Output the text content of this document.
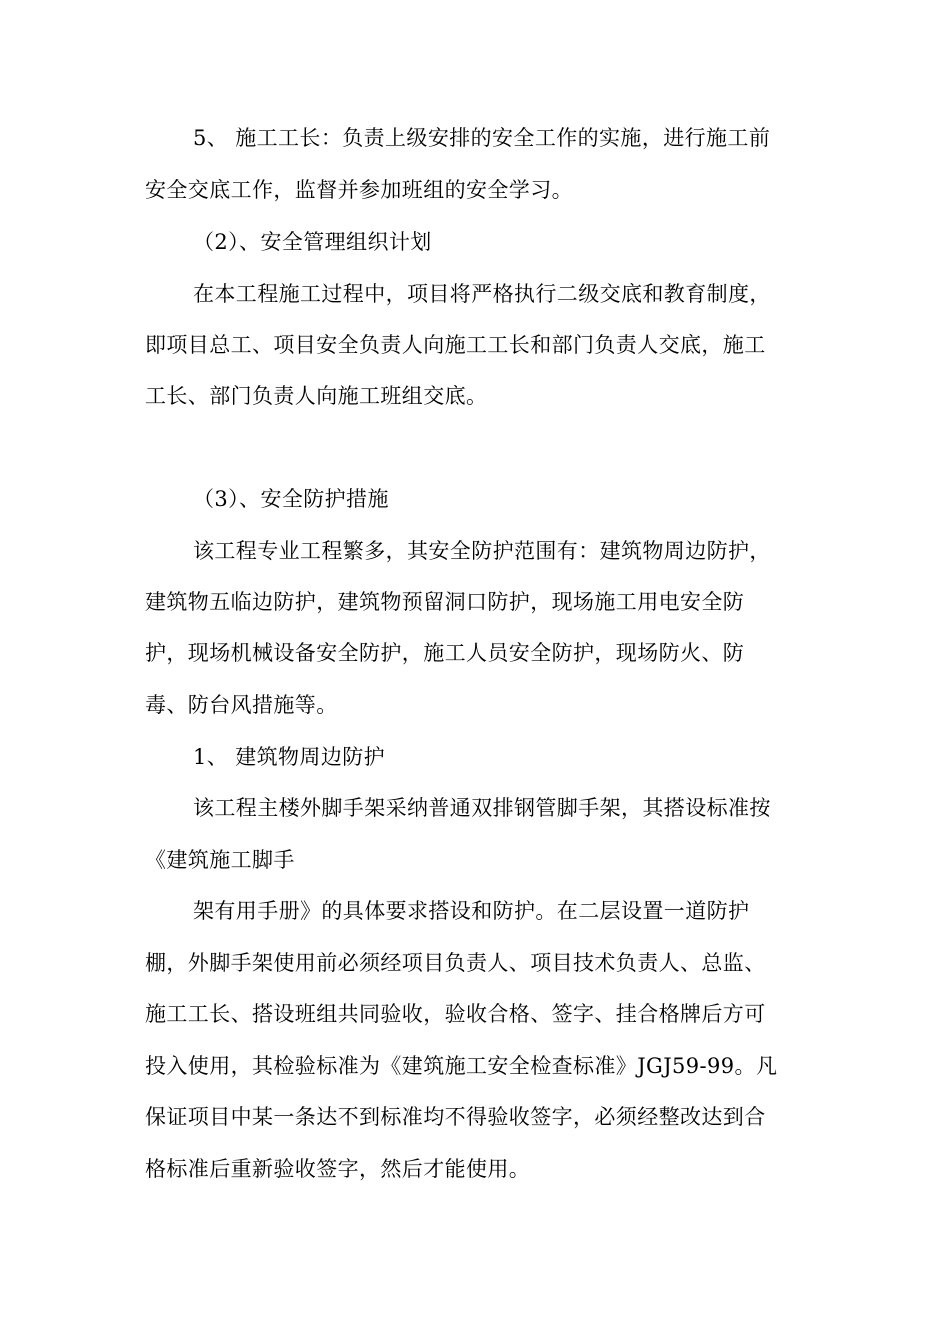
5、 施工工长：负责上级安排的安全工作的实施，进行施工前
安全交底工作，监督并参加班组的安全学习。
（2）、安全管理组织计划
在本工程施工过程中，项目将严格执行二级交底和教育制度，
即项目总工、项目安全负责人向施工工长和部门负责人交底，施工
工长、部门负责人向施工班组交底。
（3）、安全防护措施
该工程专业工程繁多，其安全防护范围有：建筑物周边防护，
建筑物五临边防护，建筑物预留洞口防护，现场施工用电安全防
护，现场机械设备安全防护，施工人员安全防护，现场防火、防
毒、防台风措施等。
1、 建筑物周边防护
该工程主楼外脚手架采纳普通双排钢管脚手架，其搭设标准按
《建筑施工脚手
架有用手册》的具体要求搭设和防护。在二层设置一道防护
棚，外脚手架使用前必须经项目负责人、项目技术负责人、总监、
施工工长、搭设班组共同验收，验收合格、签字、挂合格牌后方可
投入使用，其检验标准为《建筑施工安全检查标准》JGJ59-99。凡
保证项目中某一条达不到标准均不得验收签字，必须经整改达到合
格标准后重新验收签字，然后才能使用。
